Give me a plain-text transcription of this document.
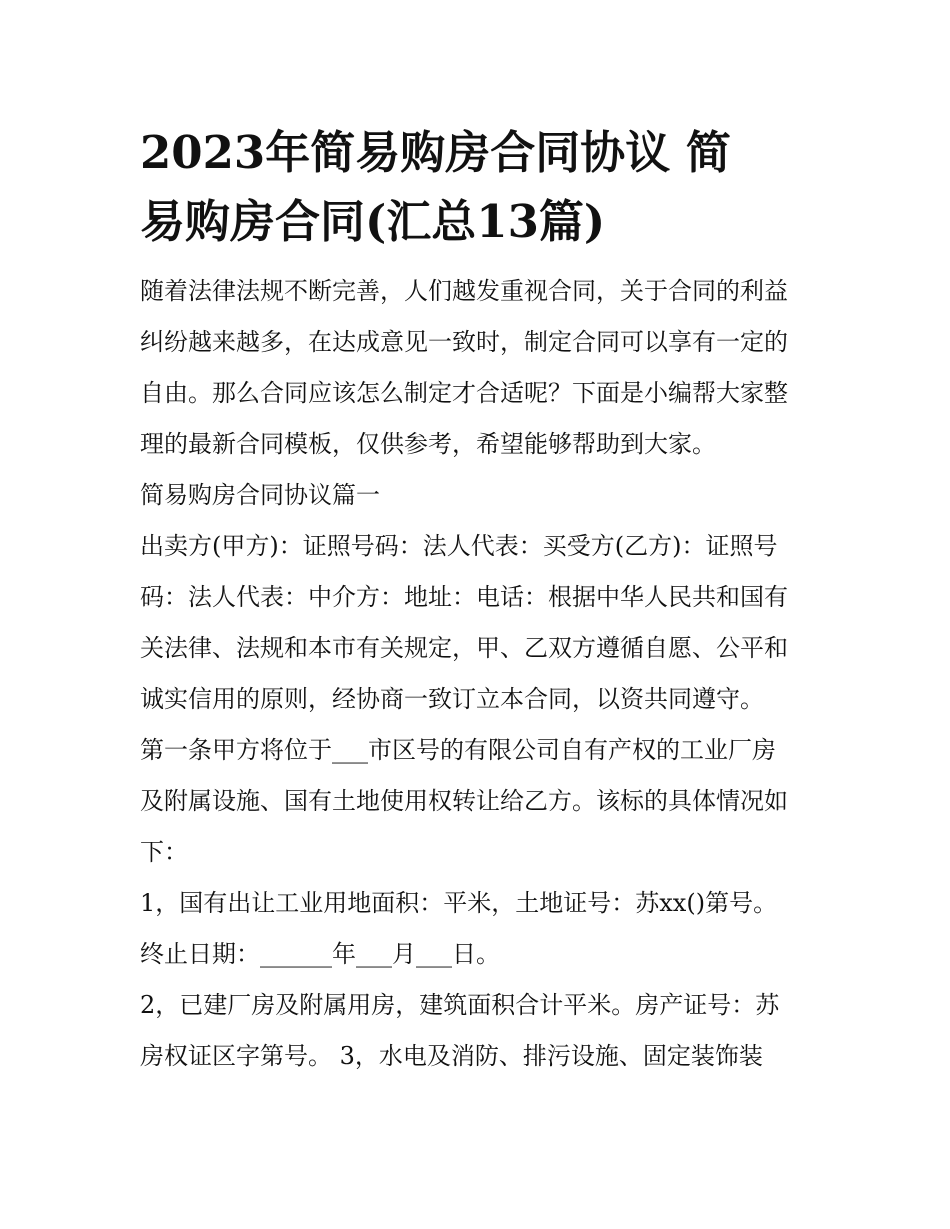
2023年简易购房合同协议 简
易购房合同(汇总13篇)
随着法律法规不断完善，人们越发重视合同，关于合同的利益
纠纷越来越多，在达成意见一致时，制定合同可以享有一定的
自由。那么合同应该怎么制定才合适呢？下面是小编帮大家整
理的最新合同模板，仅供参考，希望能够帮助到大家。
简易购房合同协议篇一
出卖方(甲方)：证照号码：法人代表：买受方(乙方)：证照号
码：法人代表：中介方：地址：电话：根据中华人民共和国有
关法律、法规和本市有关规定，甲、乙双方遵循自愿、公平和
诚实信用的原则，经协商一致订立本合同，以资共同遵守。
第一条甲方将位于___市区号的有限公司自有产权的工业厂房
及附属设施、国有土地使用权转让给乙方。该标的具体情况如
下：
1，国有出让工业用地面积：平米，土地证号：苏xx()第号。
终止日期：______年___月___日。
2，已建厂房及附属用房，建筑面积合计平米。房产证号：苏
房权证区字第号。 3，水电及消防、排污设施、固定装饰装
